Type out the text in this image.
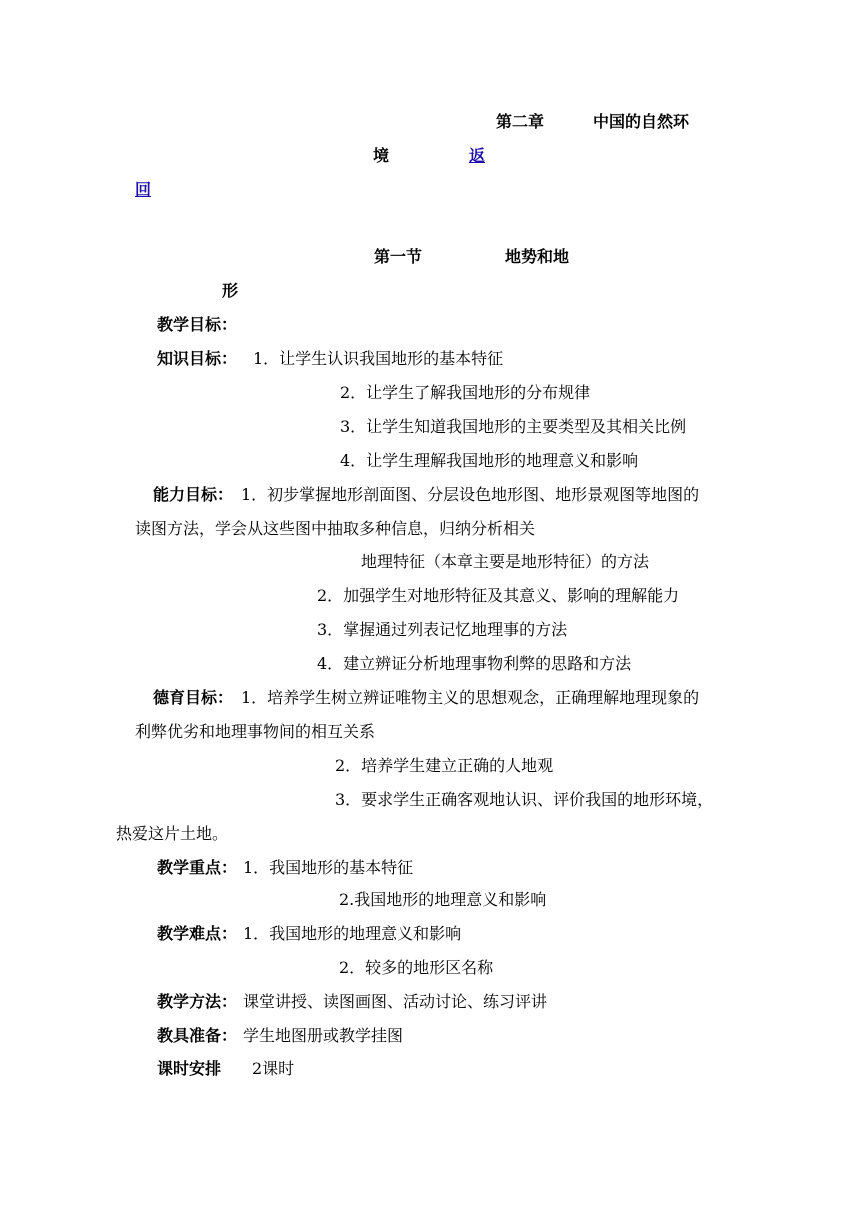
第二章	中国的自然环
境	返
回
第一节	地势和地
形
教学目标：
知识目标： 1．让学生认识我国地形的基本特征
2．让学生了解我国地形的分布规律
3．让学生知道我国地形的主要类型及其相关比例
4．让学生理解我国地形的地理意义和影响
能力目标： 1．初步掌握地形剖面图、分层设色地形图、地形景观图等地图的
读图方法，学会从这些图中抽取多种信息，归纳分析相关
地理特征（本章主要是地形特征）的方法
2．加强学生对地形特征及其意义、影响的理解能力
3．掌握通过列表记忆地理事的方法
4．建立辨证分析地理事物利弊的思路和方法
德育目标： 1．培养学生树立辨证唯物主义的思想观念，正确理解地理现象的
利弊优劣和地理事物间的相互关系
2．培养学生建立正确的人地观
3．要求学生正确客观地认识、评价我国的地形环境，
热爱这片土地。
教学重点： 1．我国地形的基本特征
2.我国地形的地理意义和影响
教学难点： 1．我国地形的地理意义和影响
2．较多的地形区名称
教学方法： 课堂讲授、读图画图、活动讨论、练习评讲
教具准备： 学生地图册或教学挂图
课时安排 2课时
